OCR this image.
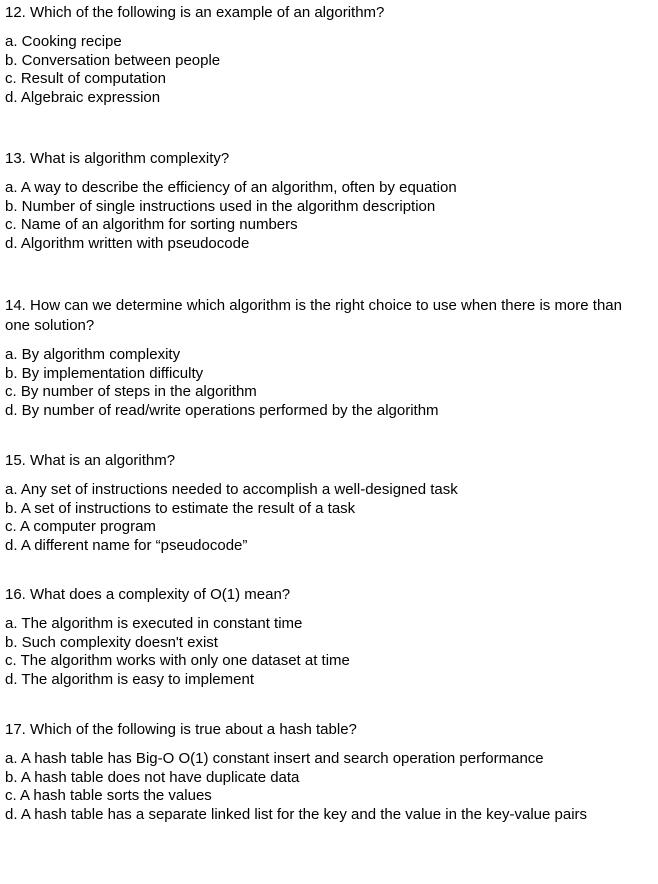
12. Which of the following is an example of an algorithm?

a. Cooking recipe
b. Conversation between people
c. Result of computation
d. Algebraic expression

13. What is algorithm complexity?

a. A way to describe the efficiency of an algorithm, often by equation
b. Number of single instructions used in the algorithm description
c. Name of an algorithm for sorting numbers
d. Algorithm written with pseudocode

14. How can we determine which algorithm is the right choice to use when there is more than one solution?

a. By algorithm complexity
b. By implementation difficulty
c. By number of steps in the algorithm
d. By number of read/write operations performed by the algorithm

15. What is an algorithm?

a. Any set of instructions needed to accomplish a well-designed task
b. A set of instructions to estimate the result of a task
c. A computer program
d. A different name for “pseudocode”

16. What does a complexity of O(1) mean?

a. The algorithm is executed in constant time
b. Such complexity doesn't exist
c. The algorithm works with only one dataset at time
d. The algorithm is easy to implement

17. Which of the following is true about a hash table?

a. A hash table has Big-O O(1) constant insert and search operation performance
b. A hash table does not have duplicate data
c. A hash table sorts the values
d. A hash table has a separate linked list for the key and the value in the key-value pairs
